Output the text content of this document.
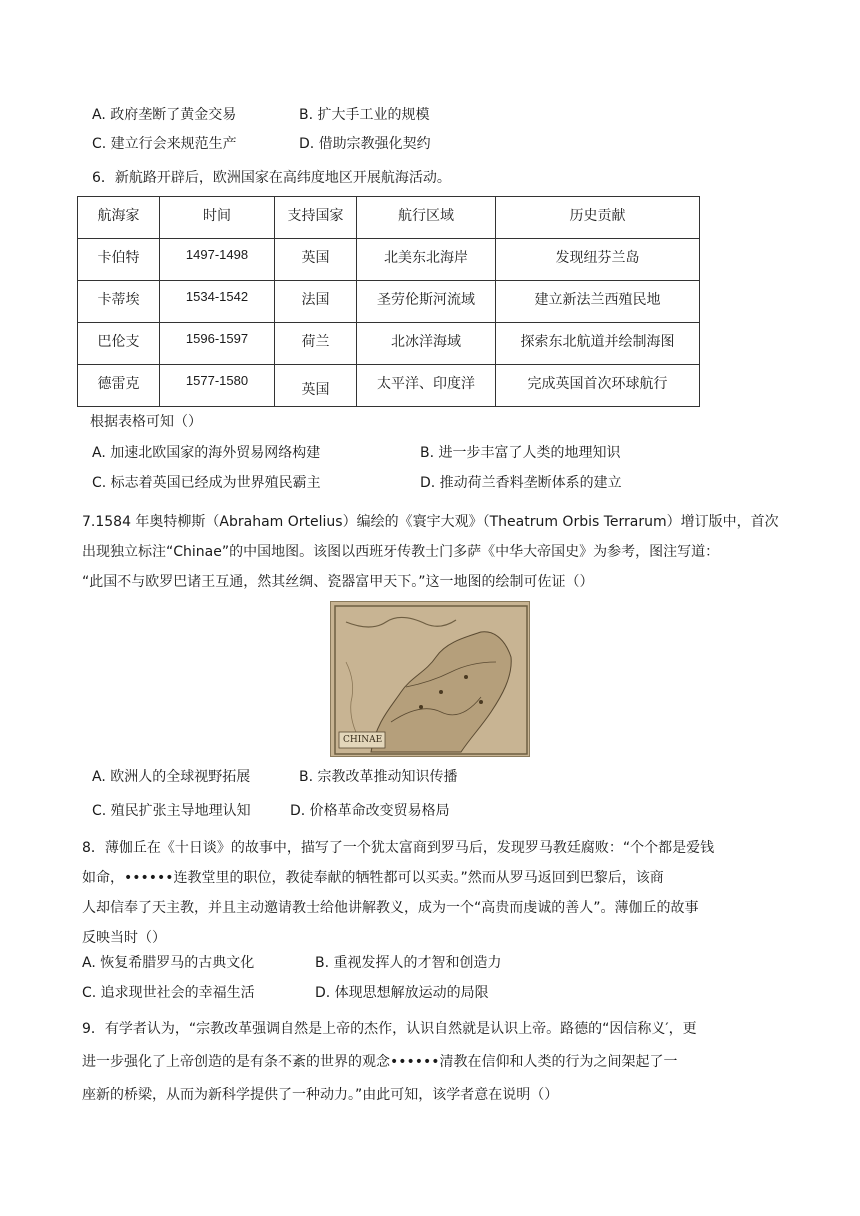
A. 政府垄断了黄金交易	B. 扩大手工业的规模
C. 建立行会来规范生产	D. 借助宗教强化契约
6．新航路开辟后，欧洲国家在高纬度地区开展航海活动。
航海家	时间	支持国家	航行区域	历史贡献
卡伯特	1497-1498	英国	北美东北海岸	发现纽芬兰岛
卡蒂埃	1534-1542	法国	圣劳伦斯河流域	建立新法兰西殖民地
巴伦支	1596-1597	荷兰	北冰洋海域	探索东北航道并绘制海图
德雷克	1577-1580	英国	太平洋、印度洋	完成英国首次环球航行
根据表格可知（）
A. 加速北欧国家的海外贸易网络构建	B. 进一步丰富了人类的地理知识
C. 标志着英国已经成为世界殖民霸主	D. 推动荷兰香料垄断体系的建立
7.1584 年奥特柳斯（Abraham Ortelius）编绘的《寰宇大观》（Theatrum Orbis Terrarum）增订版中，首次
出现独立标注“Chinae”的中国地图。该图以西班牙传教士门多萨《中华大帝国史》为参考，图注写道：
“此国不与欧罗巴诸王互通，然其丝绸、瓷器富甲天下。”这一地图的绘制可佐证（）
CHINAE
A. 欧洲人的全球视野拓展	B. 宗教改革推动知识传播
C. 殖民扩张主导地理认知	D. 价格革命改变贸易格局
8．薄伽丘在《十日谈》的故事中，描写了一个犹太富商到罗马后，发现罗马教廷腐败：“个个都是爱钱
如命，••••••连教堂里的职位，教徒奉献的牺牲都可以买卖。”然而从罗马返回到巴黎后，该商
人却信奉了天主教，并且主动邀请教士给他讲解教义，成为一个“高贵而虔诚的善人”。薄伽丘的故事
反映当时（）
A. 恢复希腊罗马的古典文化	B. 重视发挥人的才智和创造力
C. 追求现世社会的幸福生活	D. 体现思想解放运动的局限
9．有学者认为，“宗教改革强调自然是上帝的杰作，认识自然就是认识上帝。路德的“因信称义′，更
进一步强化了上帝创造的是有条不紊的世界的观念••••••清教在信仰和人类的行为之间架起了一
座新的桥梁，从而为新科学提供了一种动力。”由此可知，该学者意在说明（）
